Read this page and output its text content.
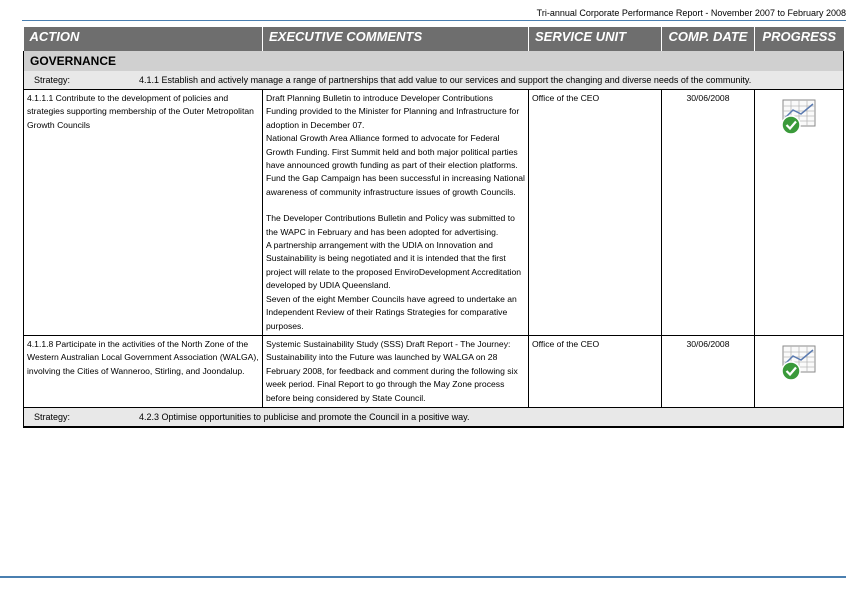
Tri-annual Corporate Performance Report - November 2007 to February 2008
ACTION	EXECUTIVE COMMENTS	SERVICE UNIT	COMP. DATE	PROGRESS
GOVERNANCE				
Strategy: 4.1.1 Establish and actively manage a range of partnerships that add value to our services and support the changing and diverse needs of the community.				
4.1.1.1 Contribute to the development of policies and strategies supporting membership of the Outer Metropolitan Growth Councils	Draft Planning Bulletin to introduce Developer Contributions Funding provided to the Minister for Planning and Infrastructure for adoption in December 07.
National Growth Area Alliance formed to advocate for Federal Growth Funding. First Summit held and both major political parties have announced growth funding as part of their election platforms. Fund the Gap Campaign has been successful in increasing National awareness of community infrastructure issues of growth Councils.
The Developer Contributions Bulletin and Policy was submitted to the WAPC in February and has been adopted for advertising.
A partnership arrangement with the UDIA on Innovation and Sustainability is being negotiated and it is intended that the first project will relate to the proposed EnviroDevelopment Accreditation developed by UDIA Queensland.
Seven of the eight Member Councils have agreed to undertake an Independent Review of their Ratings Strategies for comparative purposes.	Office of the CEO	30/06/2008	
4.1.1.8 Participate in the activities of the North Zone of the Western Australian Local Government Association (WALGA), involving the Cities of Wanneroo, Stirling, and Joondalup.	Systemic Sustainability Study (SSS) Draft Report - The Journey: Sustainability into the Future was launched by WALGA on 28 February 2008, for feedback and comment during the following six week period. Final Report to go through the May Zone process before being considered by State Council.	Office of the CEO	30/06/2008	
Strategy: 4.2.3 Optimise opportunities to publicise and promote the Council in a positive way.				
